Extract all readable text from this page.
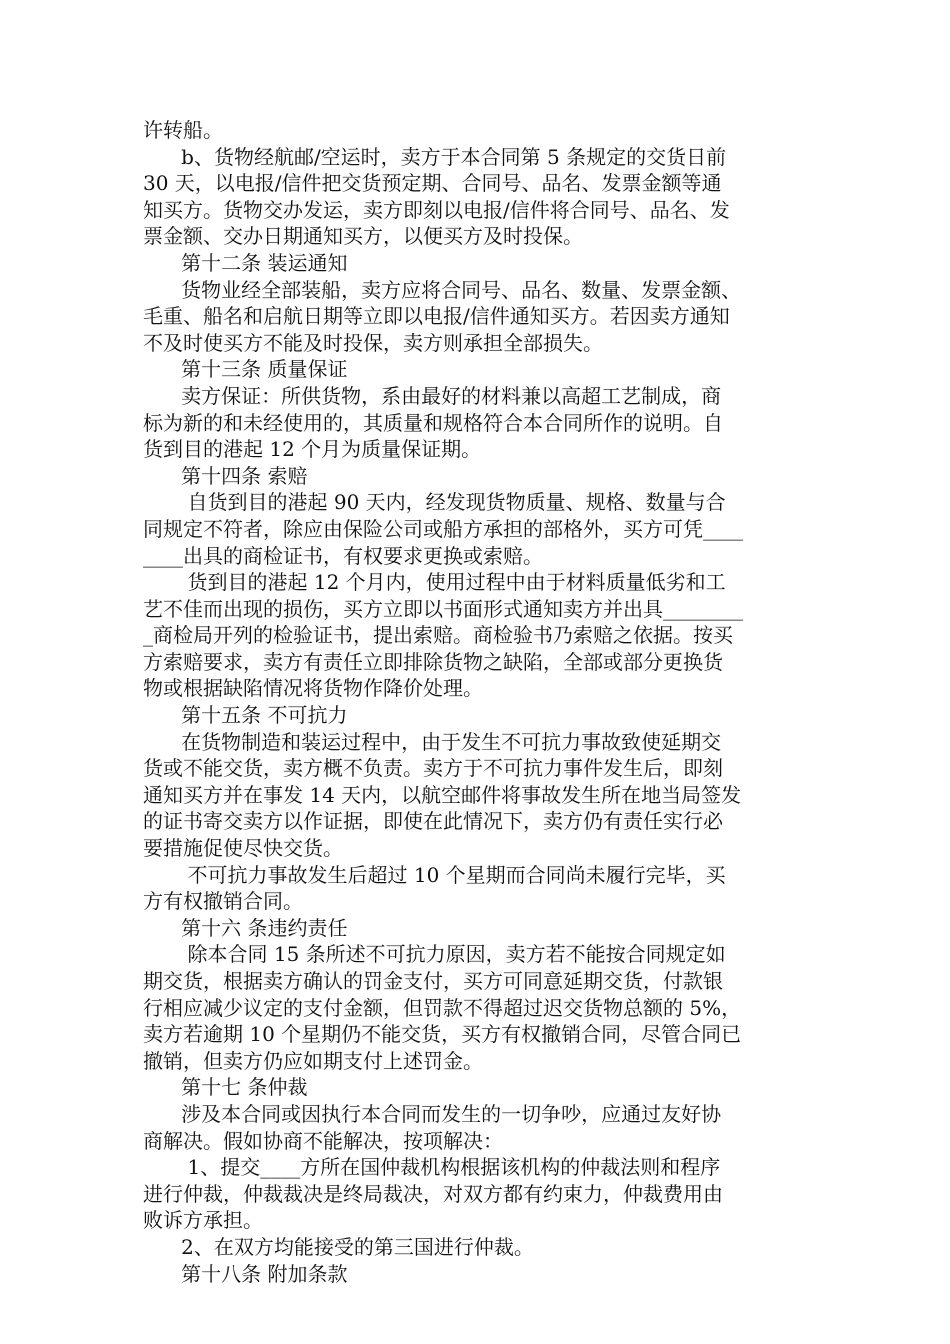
许转船。
b、货物经航邮/空运时，卖方于本合同第 5 条规定的交货日前
30 天，以电报/信件把交货预定期、合同号、品名、发票金额等通
知买方。货物交办发运，卖方即刻以电报/信件将合同号、品名、发
票金额、交办日期通知买方，以便买方及时投保。
第十二条 装运通知
货物业经全部装船，卖方应将合同号、品名、数量、发票金额、
毛重、船名和启航日期等立即以电报/信件通知买方。若因卖方通知
不及时使买方不能及时投保，卖方则承担全部损失。
第十三条 质量保证
卖方保证：所供货物，系由最好的材料兼以高超工艺制成，商
标为新的和未经使用的，其质量和规格符合本合同所作的说明。自
货到目的港起 12 个月为质量保证期。
第十四条 索赔
自货到目的港起 90 天内，经发现货物质量、规格、数量与合
同规定不符者，除应由保险公司或船方承担的部格外，买方可凭____
____出具的商检证书，有权要求更换或索赔。
货到目的港起 12 个月内，使用过程中由于材料质量低劣和工
艺不佳而出现的损伤，买方立即以书面形式通知卖方并出具________
_商检局开列的检验证书，提出索赔。商检验书乃索赔之依据。按买
方索赔要求，卖方有责任立即排除货物之缺陷，全部或部分更换货
物或根据缺陷情况将货物作降价处理。
第十五条 不可抗力
在货物制造和装运过程中，由于发生不可抗力事故致使延期交
货或不能交货，卖方概不负责。卖方于不可抗力事件发生后，即刻
通知买方并在事发 14 天内，以航空邮件将事故发生所在地当局签发
的证书寄交卖方以作证据，即使在此情况下，卖方仍有责任实行必
要措施促使尽快交货。
不可抗力事故发生后超过 10 个星期而合同尚未履行完毕，买
方有权撤销合同。
第十六 条违约责任
除本合同 15 条所述不可抗力原因，卖方若不能按合同规定如
期交货，根据卖方确认的罚金支付，买方可同意延期交货，付款银
行相应减少议定的支付金额，但罚款不得超过迟交货物总额的 5%，
卖方若逾期 10 个星期仍不能交货，买方有权撤销合同，尽管合同已
撤销，但卖方仍应如期支付上述罚金。
第十七 条仲裁
涉及本合同或因执行本合同而发生的一切争吵，应通过友好协
商解决。假如协商不能解决，按项解决：
1、提交____方所在国仲裁机构根据该机构的仲裁法则和程序
进行仲裁，仲裁裁决是终局裁决，对双方都有约束力，仲裁费用由
败诉方承担。
2、在双方均能接受的第三国进行仲裁。
第十八条 附加条款
